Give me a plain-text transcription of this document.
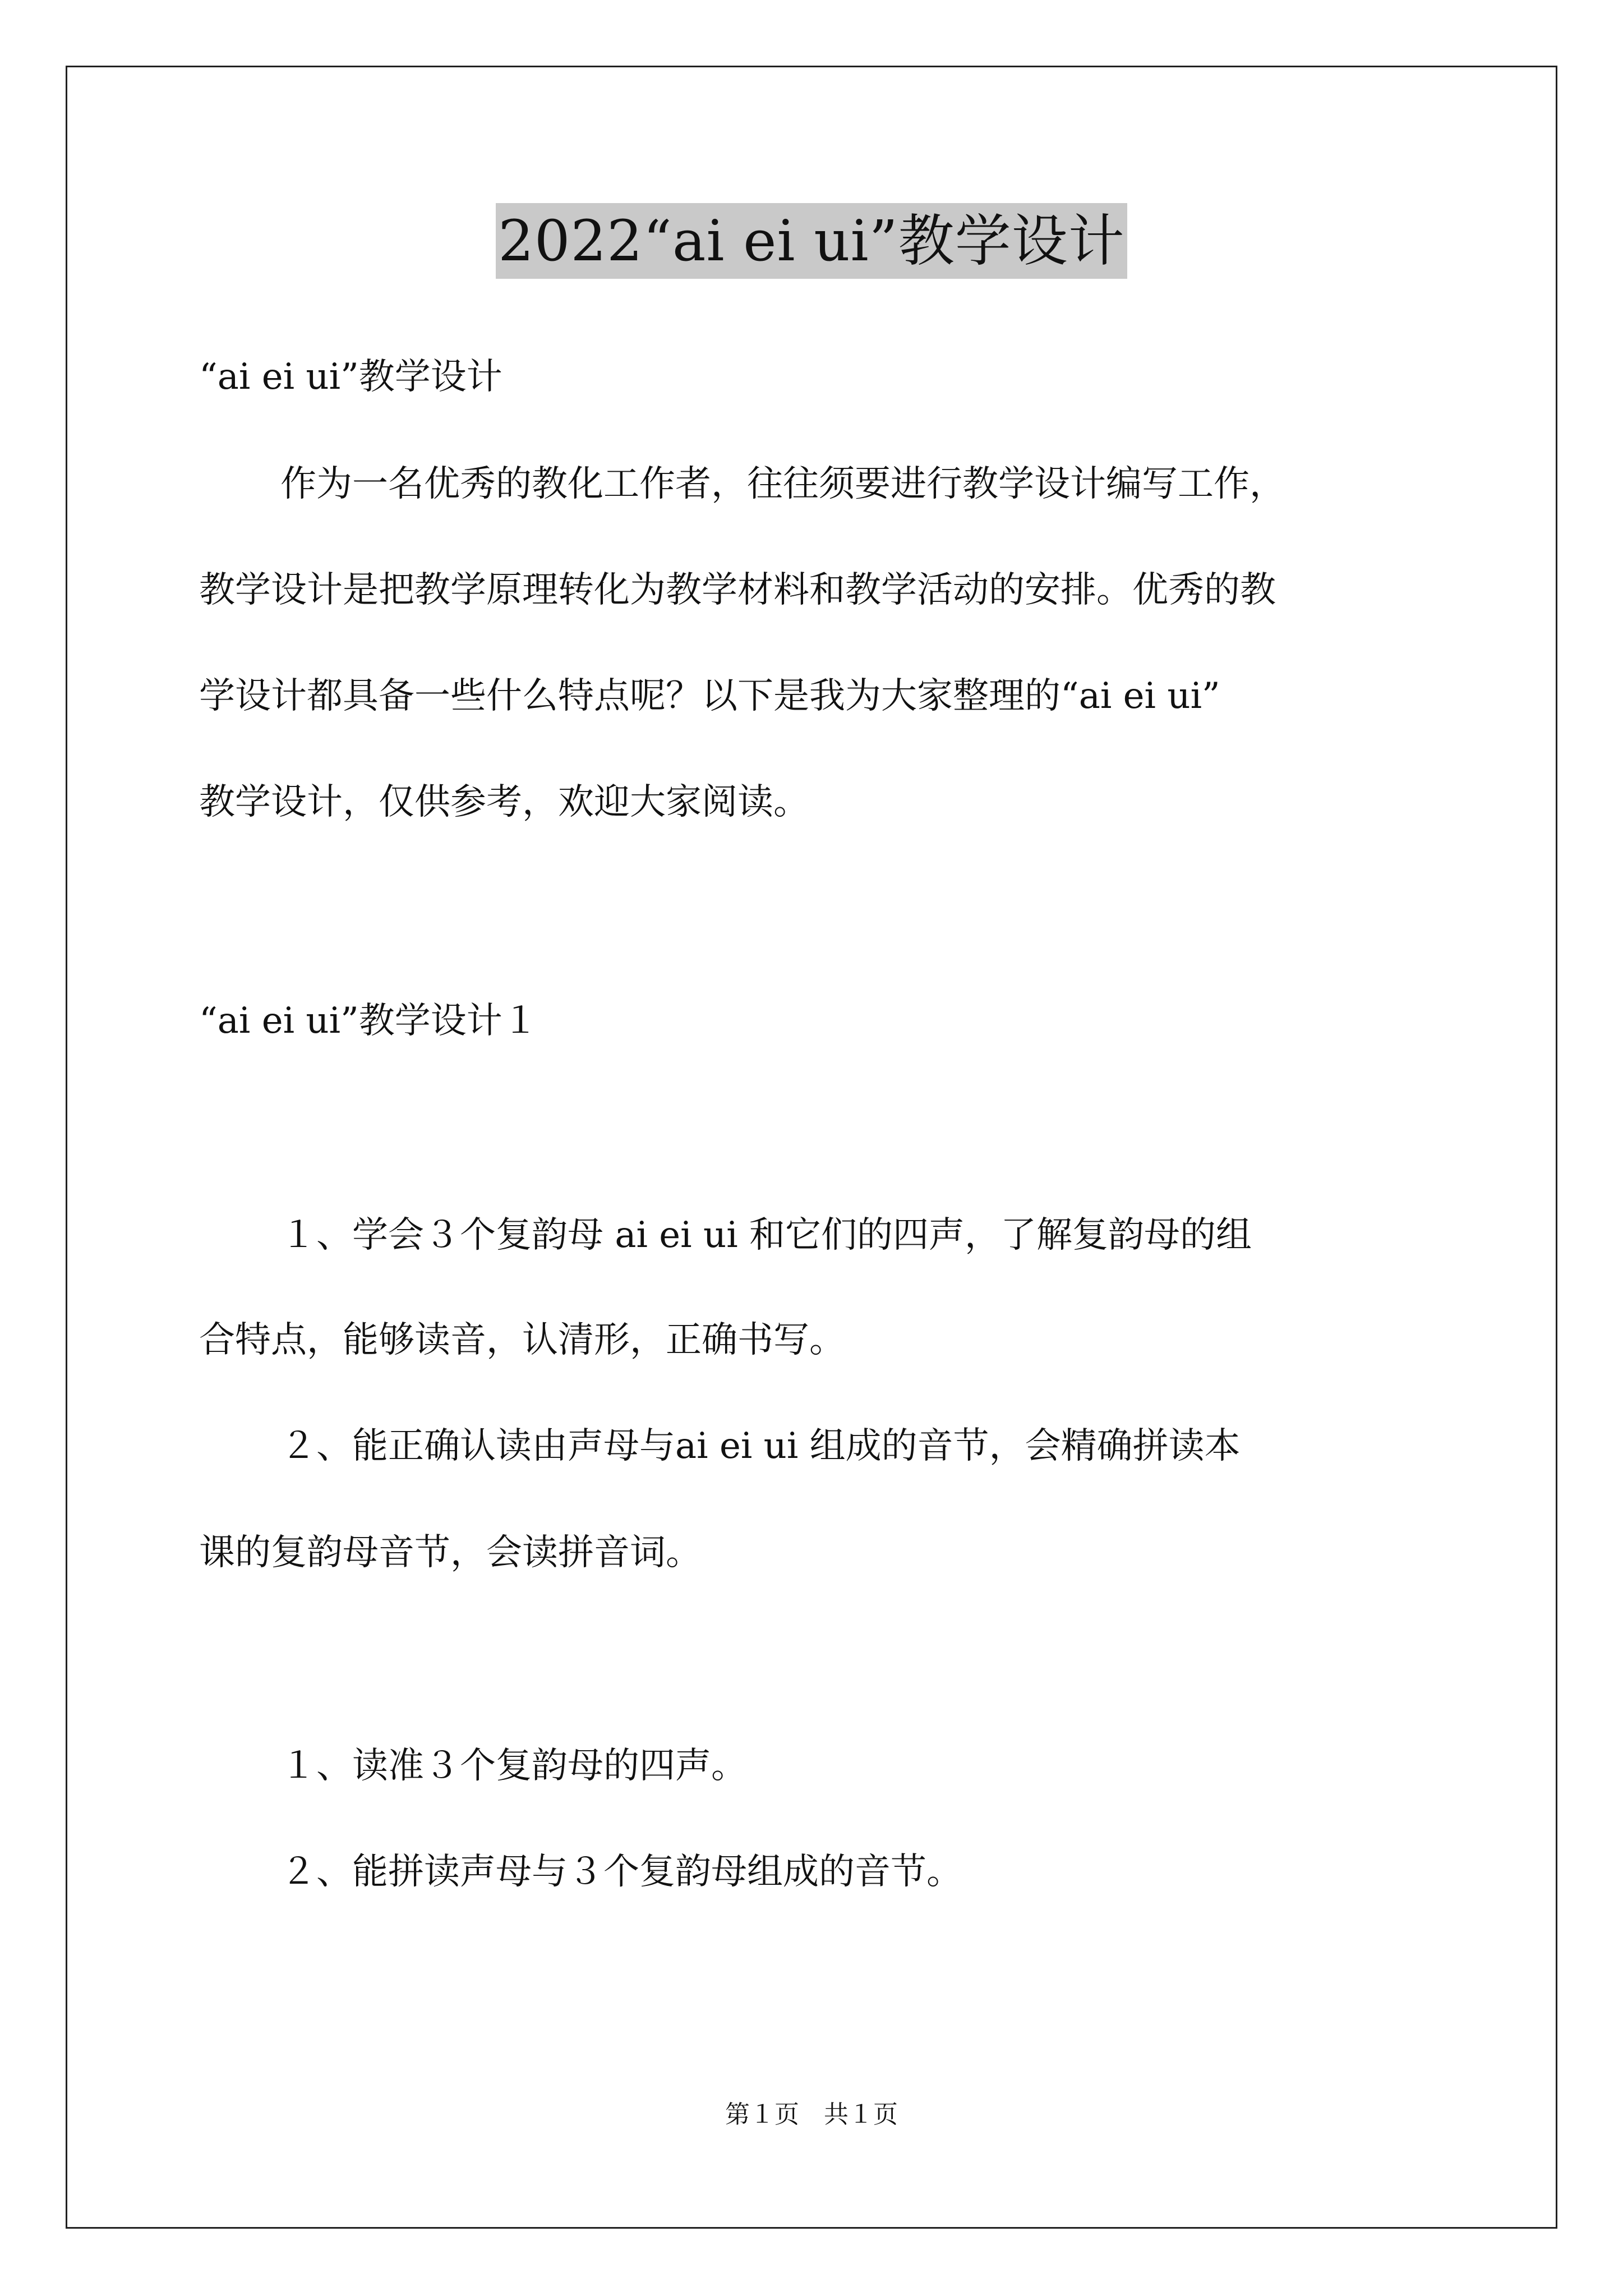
2022“ai ei ui”教学设计
“ai ei ui”教学设计
作为一名优秀的教化工作者，往往须要进行教学设计编写工作，
教学设计是把教学原理转化为教学材料和教学活动的安排。优秀的教
学设计都具备一些什么特点呢？以下是我为大家整理的“ai ei ui”
教学设计，仅供参考，欢迎大家阅读。
“ai ei ui”教学设计１
１、学会３个复韵母 ai ei ui 和它们的四声，了解复韵母的组
合特点，能够读音，认清形，正确书写。
２、能正确认读由声母与ai ei ui 组成的音节，会精确拼读本
课的复韵母音节，会读拼音词。
１、读准３个复韵母的四声。
２、能拼读声母与３个复韵母组成的音节。
第１页　共１页
